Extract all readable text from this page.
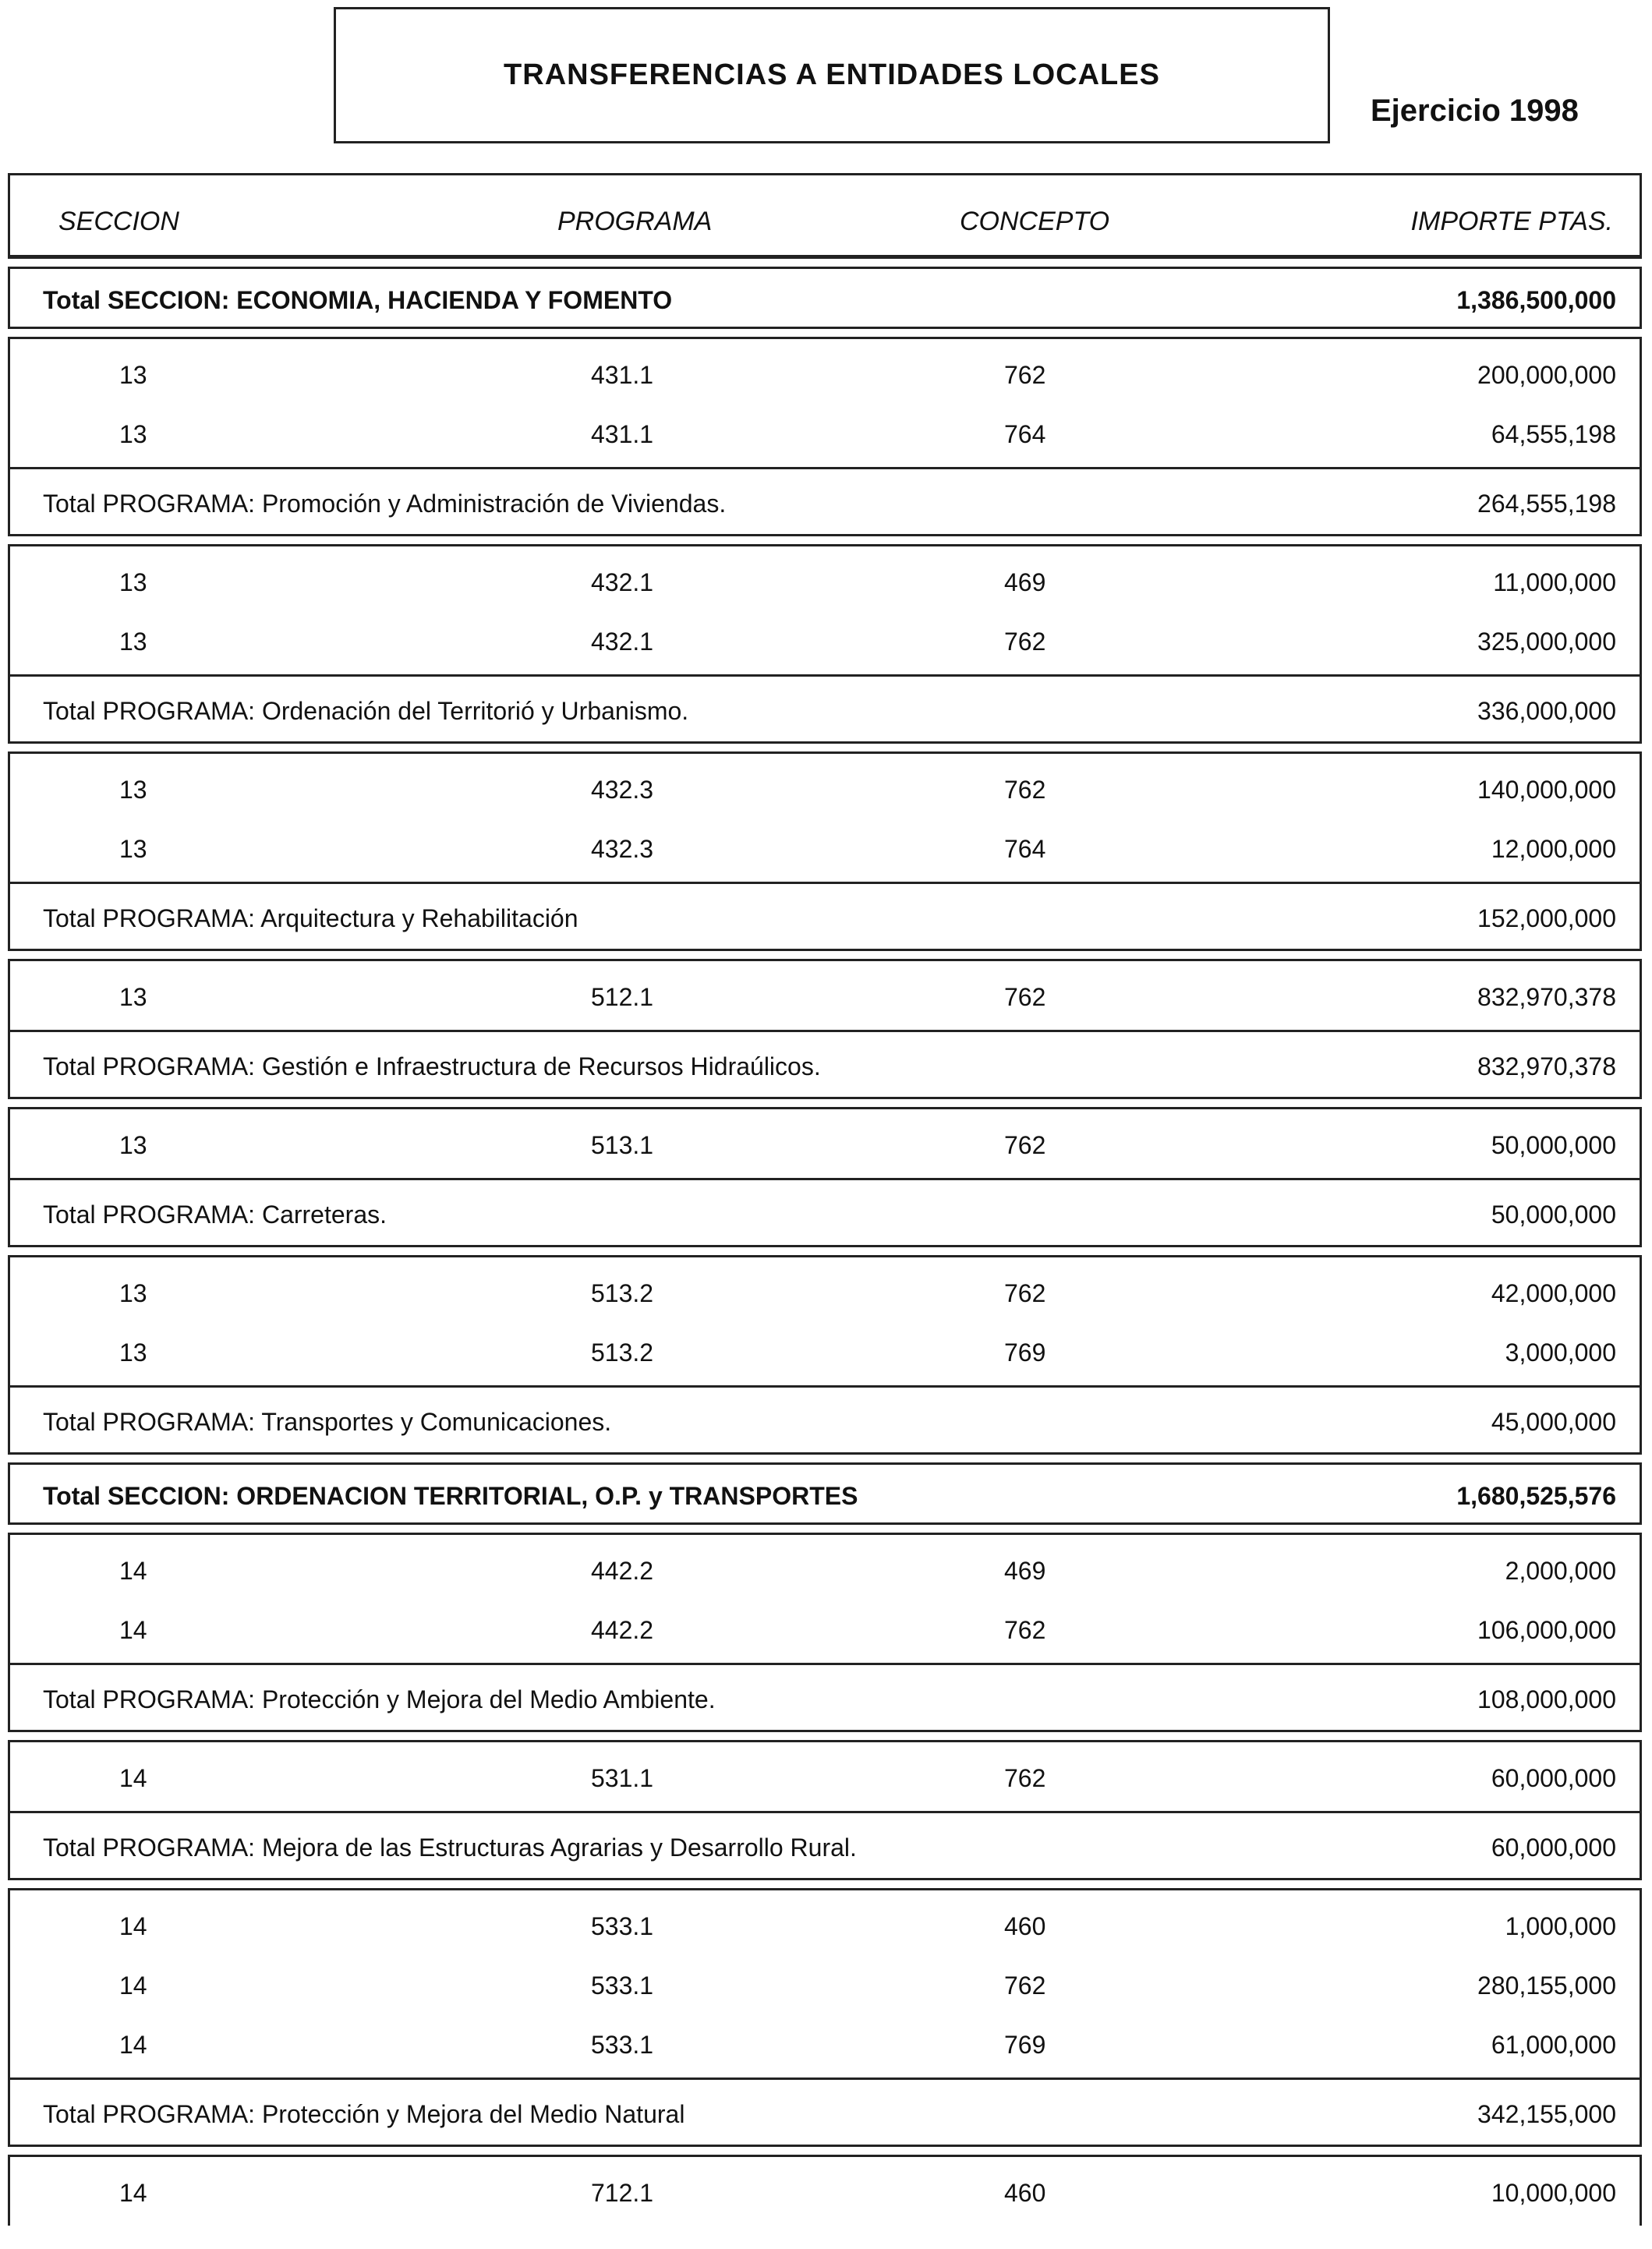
TRANSFERENCIAS A ENTIDADES LOCALES
Ejercicio 1998
SECCION	PROGRAMA	CONCEPTO	IMPORTE PTAS.
Total SECCION: ECONOMIA, HACIENDA Y FOMENTO	1,386,500,000
13	431.1	762	200,000,000
13	431.1	764	64,555,198
Total PROGRAMA: Promoción y Administración de Viviendas.	264,555,198
13	432.1	469	11,000,000
13	432.1	762	325,000,000
Total PROGRAMA: Ordenación del Territorió y Urbanismo.	336,000,000
13	432.3	762	140,000,000
13	432.3	764	12,000,000
Total PROGRAMA: Arquitectura y Rehabilitación	152,000,000
13	512.1	762	832,970,378
Total PROGRAMA: Gestión e Infraestructura de Recursos Hidraúlicos.	832,970,378
13	513.1	762	50,000,000
Total PROGRAMA: Carreteras.	50,000,000
13	513.2	762	42,000,000
13	513.2	769	3,000,000
Total PROGRAMA: Transportes y Comunicaciones.	45,000,000
Total SECCION: ORDENACION TERRITORIAL, O.P. y TRANSPORTES	1,680,525,576
14	442.2	469	2,000,000
14	442.2	762	106,000,000
Total PROGRAMA: Protección y Mejora del Medio Ambiente.	108,000,000
14	531.1	762	60,000,000
Total PROGRAMA: Mejora de las Estructuras Agrarias y Desarrollo Rural.	60,000,000
14	533.1	460	1,000,000
14	533.1	762	280,155,000
14	533.1	769	61,000,000
Total PROGRAMA: Protección y Mejora del Medio Natural	342,155,000
14	712.1	460	10,000,000
